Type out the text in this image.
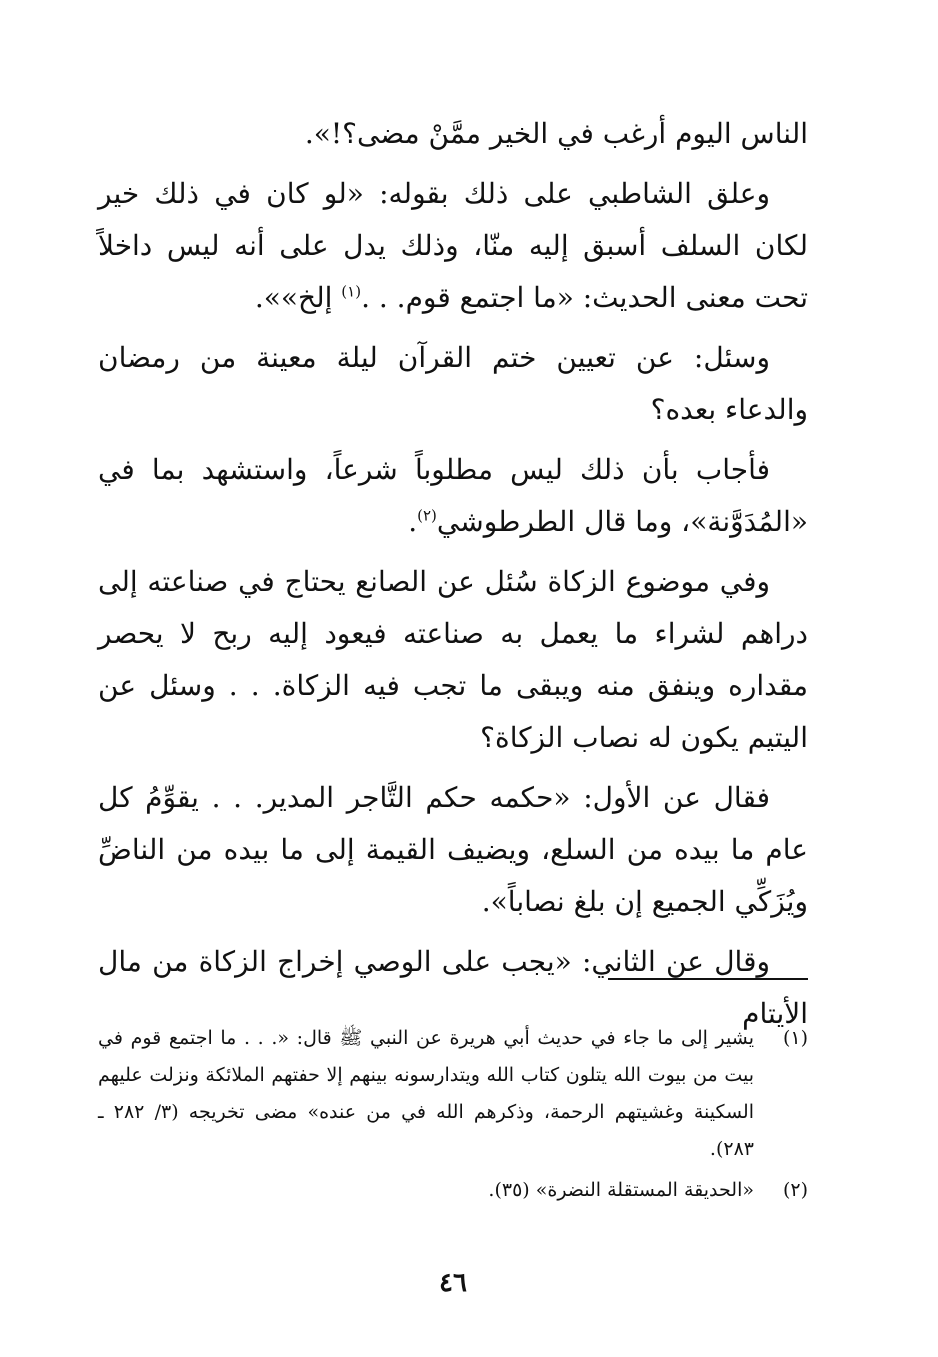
الناس اليوم أرغب في الخير ممَّنْ مضى؟!».

وعلق الشاطبي على ذلك بقوله: «لو كان في ذلك خير لكان السلف أسبق إليه منّا، وذلك يدل على أنه ليس داخلاً تحت معنى الحديث: «ما اجتمع قوم. . .$^{(١)}$ إلخ»».

وسئل: عن تعيين ختم القرآن ليلة معينة من رمضان والدعاء بعده؟

فأجاب بأن ذلك ليس مطلوباً شرعاً، واستشهد بما في «المُدَوَّنة»، وما قال الطرطوشي$^{(٢)}$.

وفي موضوع الزكاة سُئل عن الصانع يحتاج في صناعته إلى دراهم لشراء ما يعمل به صناعته فيعود إليه ربح لا يحصر مقداره وينفق منه ويبقى ما تجب فيه الزكاة. . . وسئل عن اليتيم يكون له نصاب الزكاة؟

فقال عن الأول: «حكمه حكم التَّاجر المدير. . . يقوِّمُ كل عام ما بيده من السلع، ويضيف القيمة إلى ما بيده من الناضِّ ويُزَكِّي الجميع إن بلغ نصاباً».

وقال عن الثاني: «يجب على الوصي إخراج الزكاة من مال الأيتام

(١)
يشير إلى ما جاء في حديث أبي هريرة عن النبي ﷺ قال: «. . . ما اجتمع قوم في بيت من بيوت الله يتلون كتاب الله ويتدارسونه بينهم إلا حفتهم الملائكة ونزلت عليهم السكينة وغشيتهم الرحمة، وذكرهم الله في من عنده» مضى تخريجه (٣/ ٢٨٢ ـ ٢٨٣).
(٢)
«الحديقة المستقلة النضرة» (٣٥).
٤٦
